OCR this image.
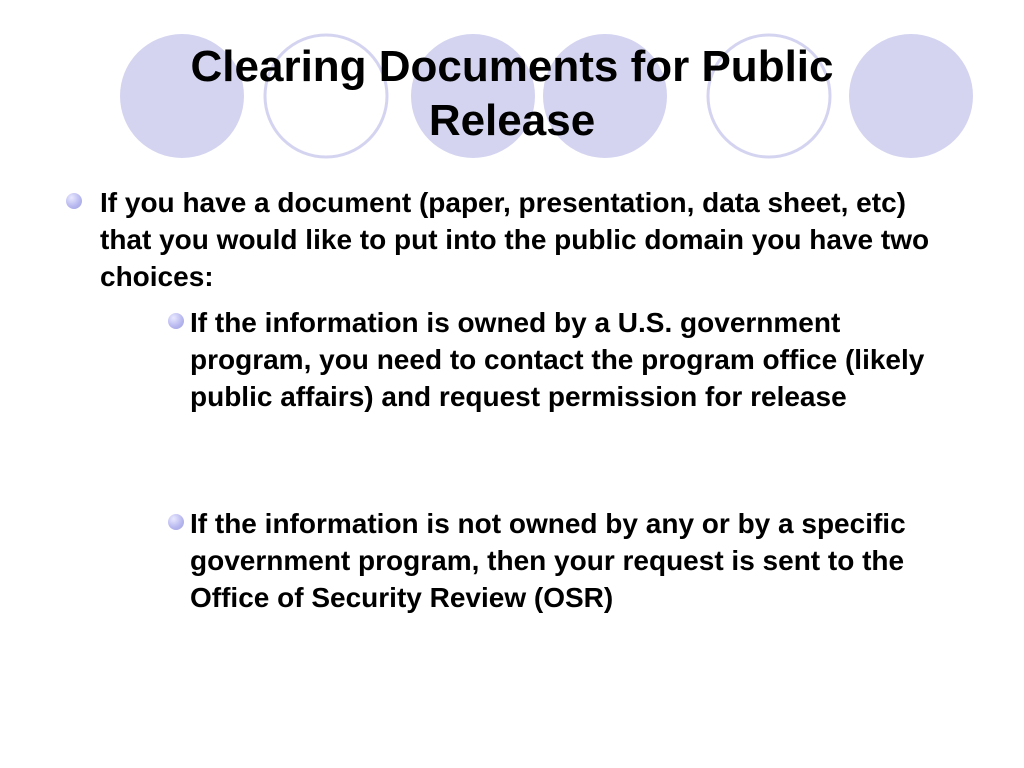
Clearing Documents for Public Release

If you have a document (paper, presentation, data sheet, etc) that you would like to put into the public domain you have two choices:

If the information is owned by a U.S. government program, you need to contact the program office (likely public affairs) and request permission for release

If the information is not owned by any or by a specific government program, then your request is sent to the Office of Security Review (OSR)
